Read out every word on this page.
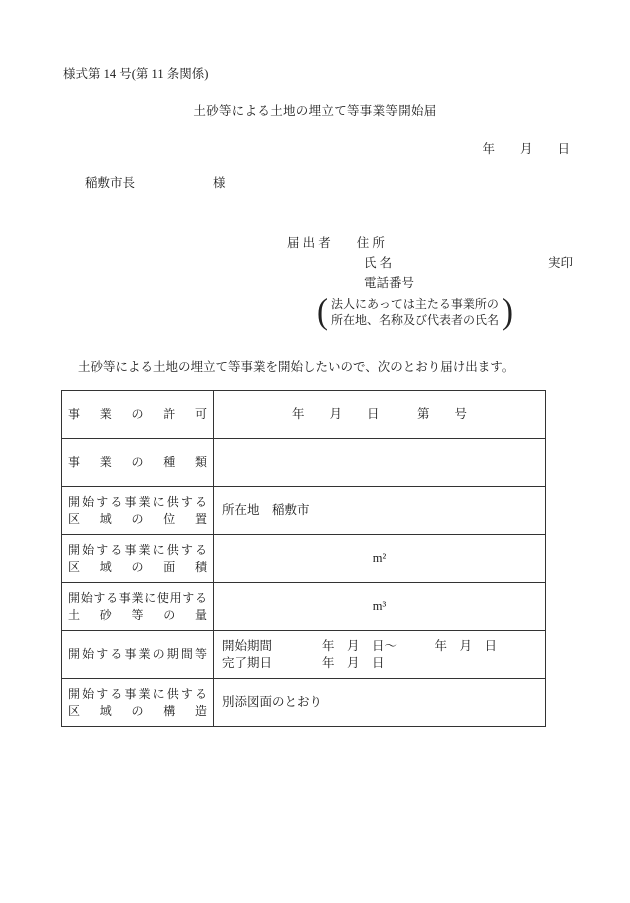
様式第 14 号(第 11 条関係)
土砂等による土地の埋立て等事業等開始届
年　　月　　日
稲敷市長	様
届 出 者 住 所
氏 名	実印
電話番号
( 法人にあっては主たる事業所の
所在地、名称及び代表者の氏名 )
土砂等による土地の埋立て等事業を開始したいので、次のとおり届け出ます。
事業の許可	年　　月　　日　　　第　　号

事業の種類	

開始する事業に供する
区域の位置	所在地　稲敷市

開始する事業に供する
区域の面積	m²

開始する事業に使用する
土砂等の量	m³

開始する事業の期間等	開始期間　　　　年　月　日～　　　年　月　日
完了期日　　　　年　月　日

開始する事業に供する
区域の構造	別添図面のとおり
